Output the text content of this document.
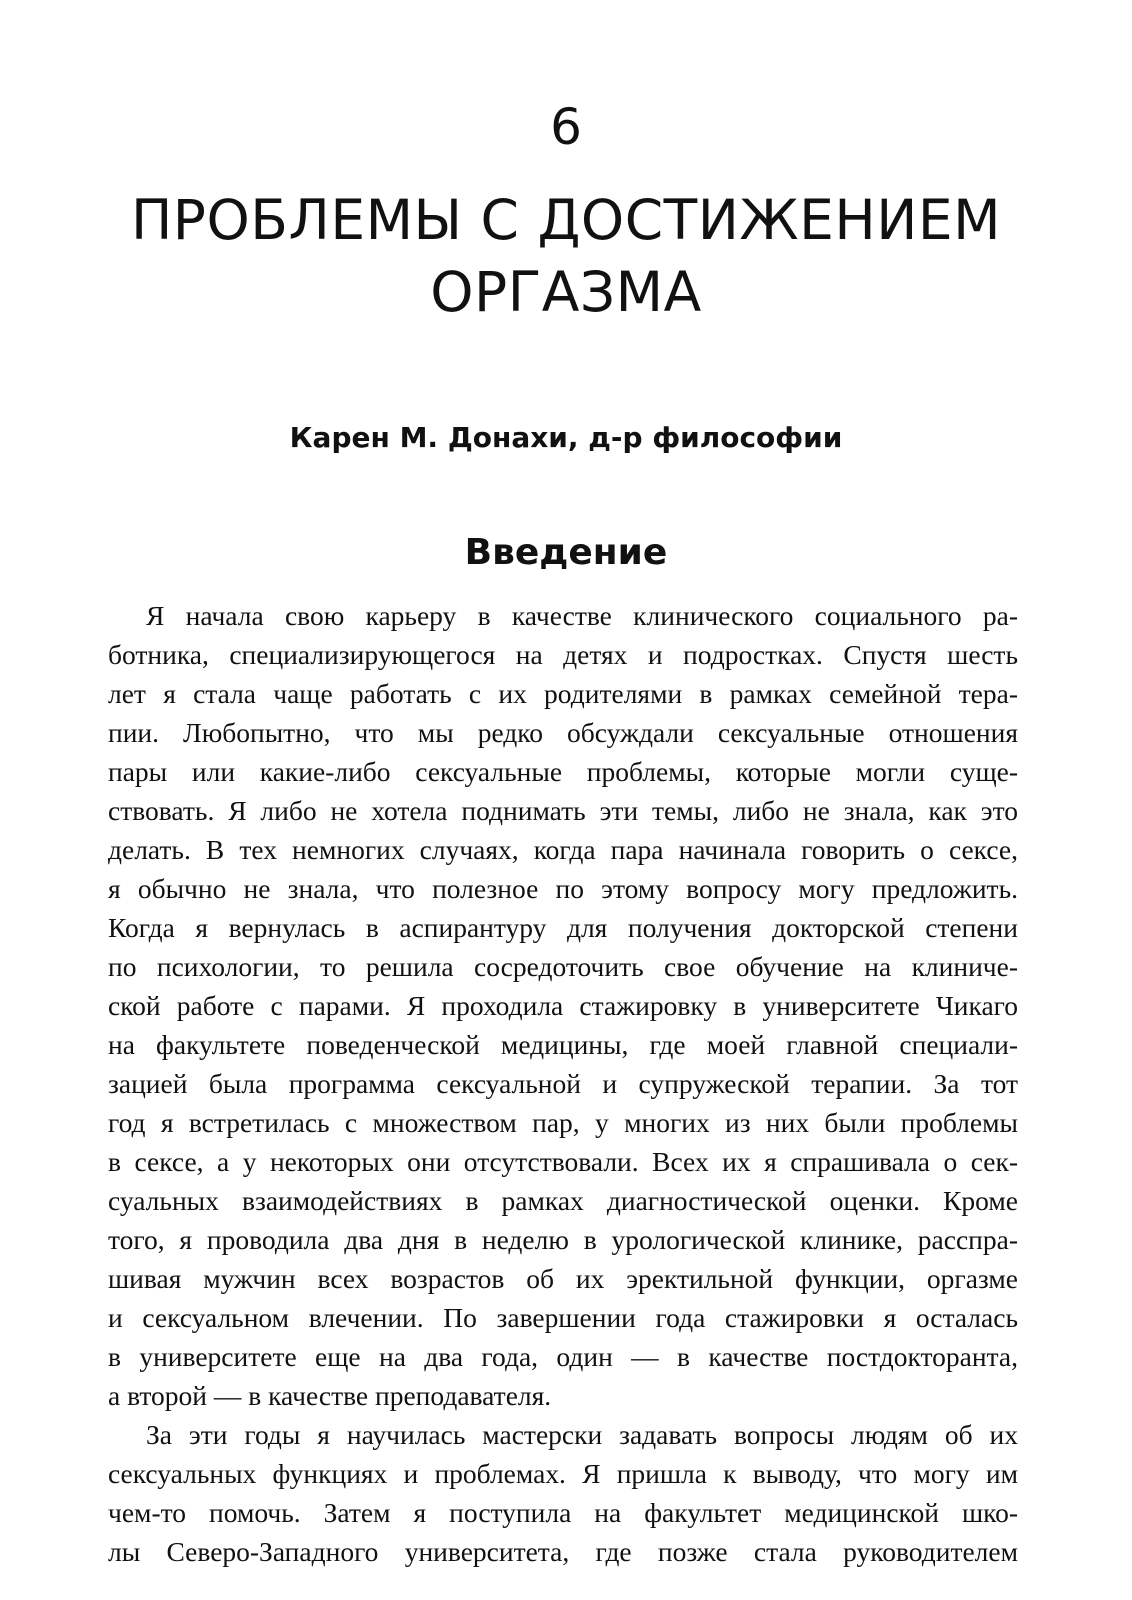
6
ПРОБЛЕМЫ С ДОСТИЖЕНИЕМ
ОРГАЗМА
Карен М. Донахи, д-р философии
Введение
Я начала свою карьеру в качестве клинического социального ра-
ботника, специализирующегося на детях и подростках. Спустя шесть
лет я стала чаще работать с их родителями в рамках семейной тера-
пии. Любопытно, что мы редко обсуждали сексуальные отношения
пары или какие-либо сексуальные проблемы, которые могли суще-
ствовать. Я либо не хотела поднимать эти темы, либо не знала, как это
делать. В тех немногих случаях, когда пара начинала говорить о сексе,
я обычно не знала, что полезное по этому вопросу могу предложить.
Когда я вернулась в аспирантуру для получения докторской степени
по психологии, то решила сосредоточить свое обучение на клиниче-
ской работе с парами. Я проходила стажировку в университете Чикаго
на факультете поведенческой медицины, где моей главной специали-
зацией была программа сексуальной и супружеской терапии. За тот
год я встретилась с множеством пар, у многих из них были проблемы
в сексе, а у некоторых они отсутствовали. Всех их я спрашивала о сек-
суальных взаимодействиях в рамках диагностической оценки. Кроме
того, я проводила два дня в неделю в урологической клинике, расспра-
шивая мужчин всех возрастов об их эректильной функции, оргазме
и сексуальном влечении. По завершении года стажировки я осталась
в университете еще на два года, один — в качестве постдокторанта,
а второй — в качестве преподавателя.
За эти годы я научилась мастерски задавать вопросы людям об их
сексуальных функциях и проблемах. Я пришла к выводу, что могу им
чем-то помочь. Затем я поступила на факультет медицинской шко-
лы Северо-Западного университета, где позже стала руководителем
